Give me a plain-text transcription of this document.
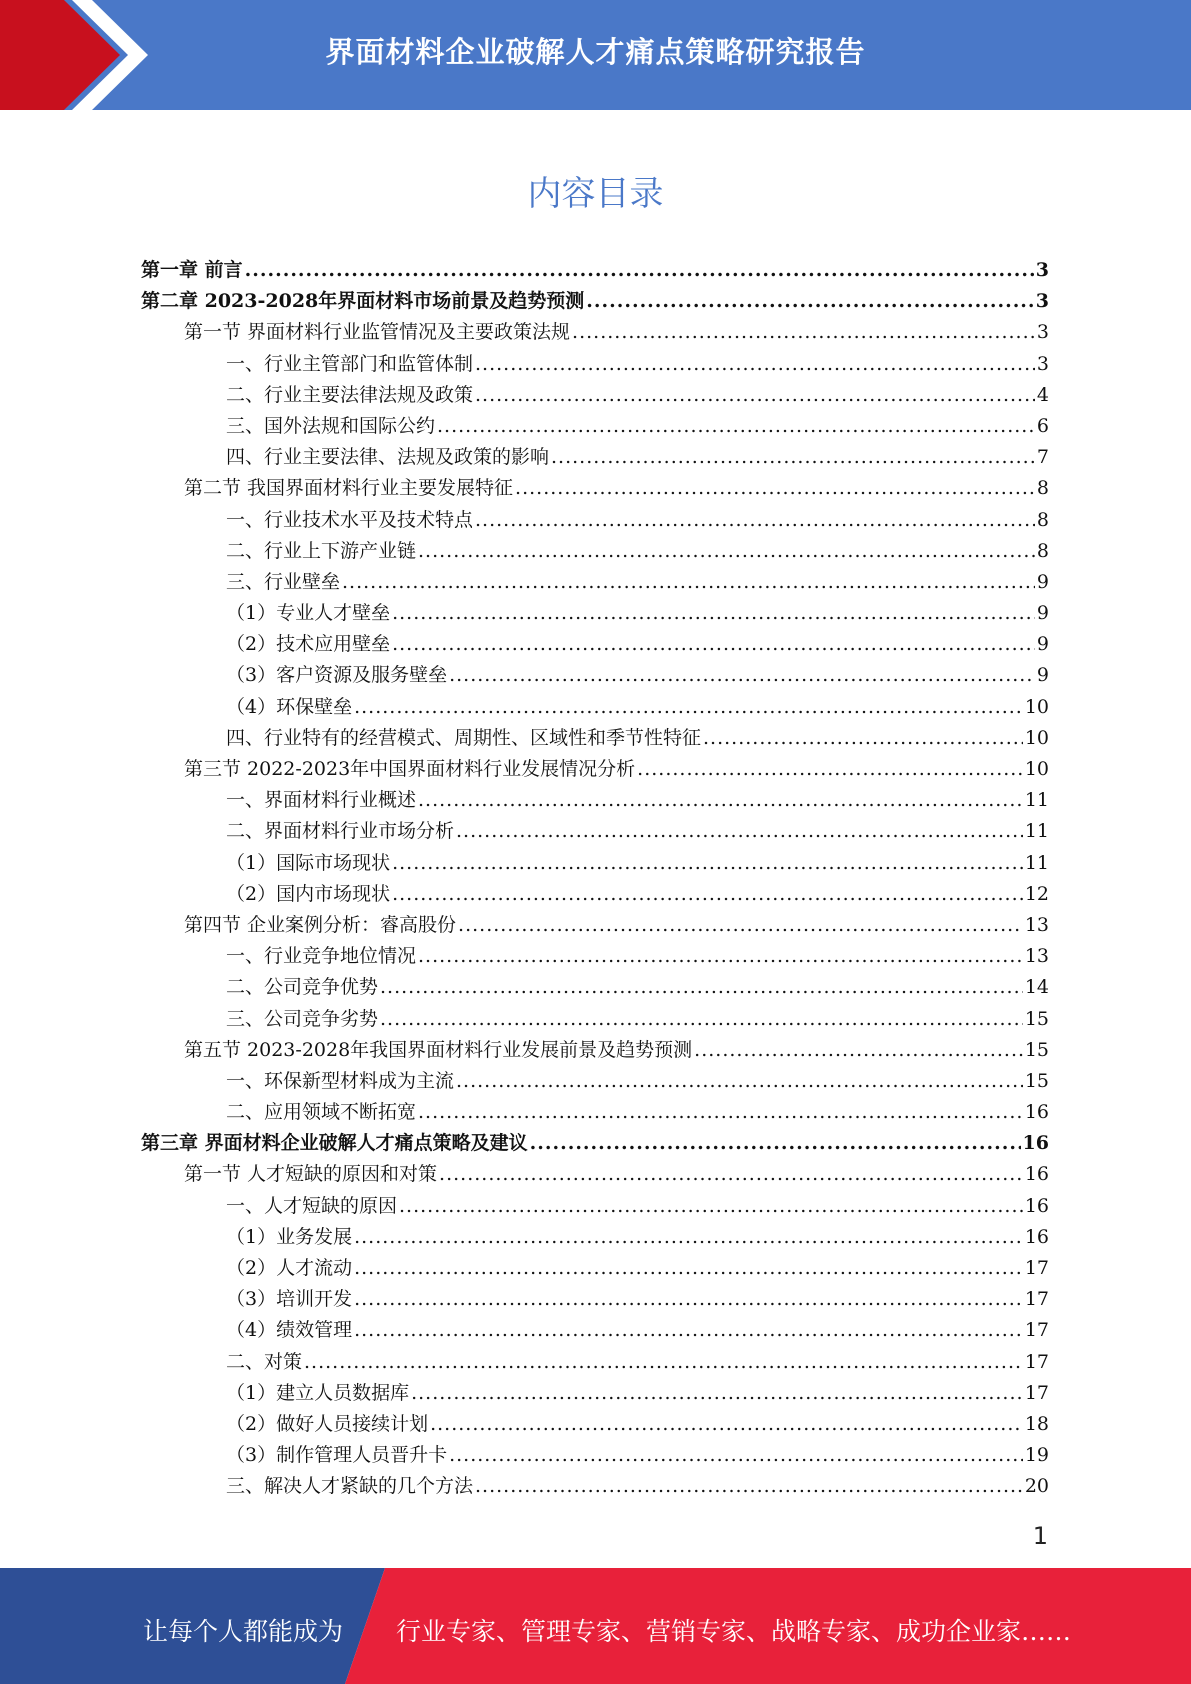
界面材料企业破解人才痛点策略研究报告
内容目录
第一章 前言 .....	3
第二章 2023-2028年界面材料市场前景及趋势预测 .....	3
第一节 界面材料行业监管情况及主要政策法规 .....	3
一、行业主管部门和监管体制 .....	3
二、行业主要法律法规及政策 .....	4
三、国外法规和国际公约 .....	6
四、行业主要法律、法规及政策的影响 .....	7
第二节 我国界面材料行业主要发展特征 .....	8
一、行业技术水平及技术特点 .....	8
二、行业上下游产业链 .....	8
三、行业壁垒 .....	9
（1）专业人才壁垒 .....	9
（2）技术应用壁垒 .....	9
（3）客户资源及服务壁垒 .....	9
（4）环保壁垒 .....	10
四、行业特有的经营模式、周期性、区域性和季节性特征 .....	10
第三节 2022-2023年中国界面材料行业发展情况分析 .....	10
一、界面材料行业概述 .....	11
二、界面材料行业市场分析 .....	11
（1）国际市场现状 .....	11
（2）国内市场现状 .....	12
第四节 企业案例分析：睿高股份 .....	13
一、行业竞争地位情况 .....	13
二、公司竞争优势 .....	14
三、公司竞争劣势 .....	15
第五节 2023-2028年我国界面材料行业发展前景及趋势预测 .....	15
一、环保新型材料成为主流 .....	15
二、应用领域不断拓宽 .....	16
第三章 界面材料企业破解人才痛点策略及建议 .....	16
第一节 人才短缺的原因和对策 .....	16
一、人才短缺的原因 .....	16
（1）业务发展 .....	16
（2）人才流动 .....	17
（3）培训开发 .....	17
（4）绩效管理 .....	17
二、对策 .....	17
（1）建立人员数据库 .....	17
（2）做好人员接续计划 .....	18
（3）制作管理人员晋升卡 .....	19
三、解决人才紧缺的几个方法 .....	20
1
让每个人都能成为 行业专家、管理专家、营销专家、战略专家、成功企业家……
